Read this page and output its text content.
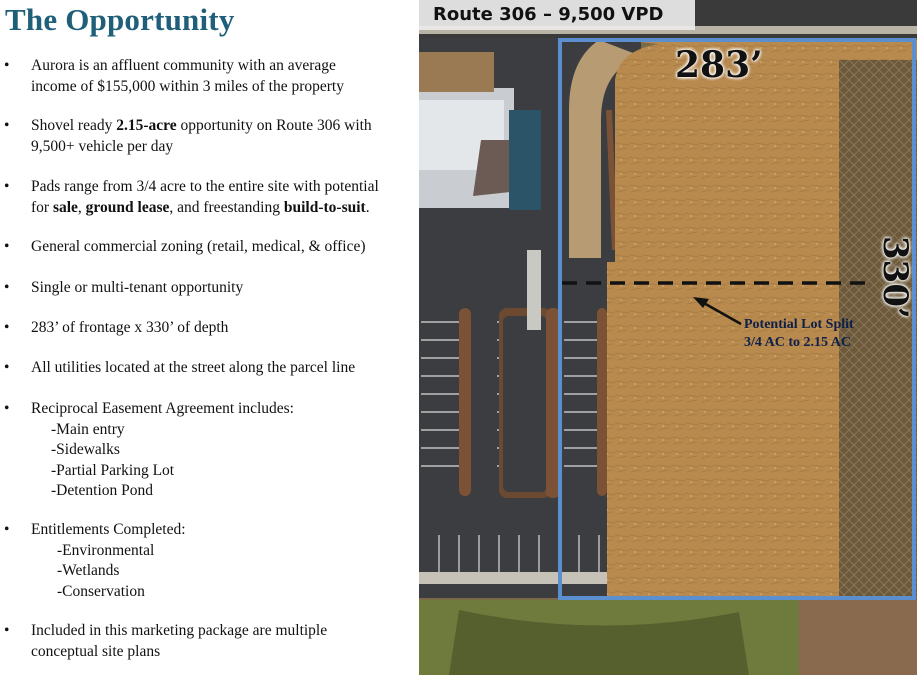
The Opportunity
• Aurora is an affluent community with an average
income of $155,000 within 3 miles of the property
• Shovel ready 2.15-acre opportunity on Route 306 with
9,500+ vehicle per day
• Pads range from 3/4 acre to the entire site with potential
for sale, ground lease, and freestanding build-to-suit.
• General commercial zoning (retail, medical, & office)
• Single or multi-tenant opportunity
• 283’ of frontage x 330’ of depth
• All utilities located at the street along the parcel line
• Reciprocal Easement Agreement includes:
-Main entry
-Sidewalks
-Partial Parking Lot
-Detention Pond
• Entitlements Completed:
-Environmental
-Wetlands
-Conservation
• Included in this marketing package are multiple
conceptual site plans
Route 306 – 9,500 VPD
283’
330’
Potential Lot Split
3/4 AC to 2.15 AC
